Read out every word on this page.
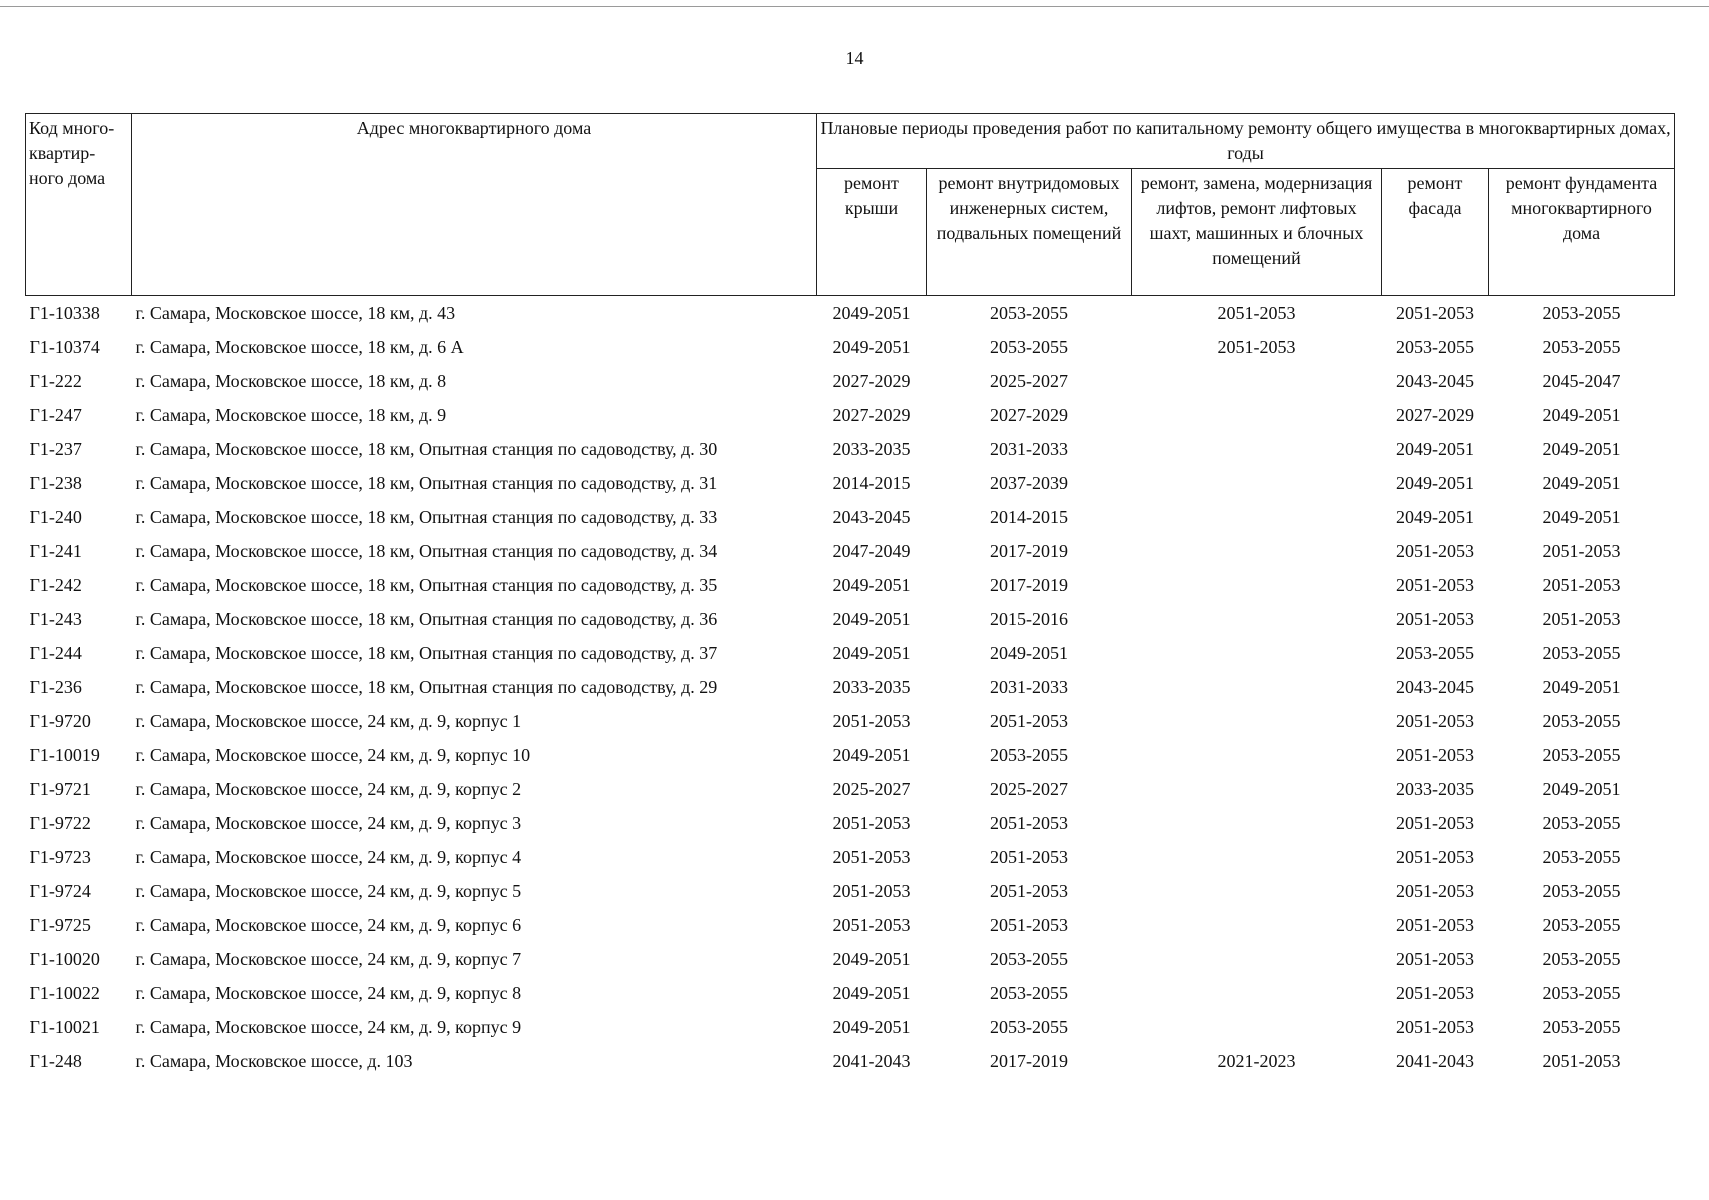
14
Код много-квартир-ного дома	Адрес многоквартирного дома	Плановые периоды проведения работ по капитальному ремонту общего имущества в многоквартирных домах, годы				
		ремонт крыши	ремонт внутридомовых инженерных систем, подвальных помещений	ремонт, замена, модернизация лифтов, ремонт лифтовых шахт, машинных и блочных помещений	ремонт фасада	ремонт фундамента многоквартирного дома
Г1-10338	г. Самара, Московское шоссе, 18 км, д. 43	2049-2051	2053-2055	2051-2053	2051-2053	2053-2055
Г1-10374	г. Самара, Московское шоссе, 18 км, д. 6 А	2049-2051	2053-2055	2051-2053	2053-2055	2053-2055
Г1-222	г. Самара, Московское шоссе, 18 км, д. 8	2027-2029	2025-2027		2043-2045	2045-2047
Г1-247	г. Самара, Московское шоссе, 18 км, д. 9	2027-2029	2027-2029		2027-2029	2049-2051
Г1-237	г. Самара, Московское шоссе, 18 км, Опытная станция по садоводству, д. 30	2033-2035	2031-2033		2049-2051	2049-2051
Г1-238	г. Самара, Московское шоссе, 18 км, Опытная станция по садоводству, д. 31	2014-2015	2037-2039		2049-2051	2049-2051
Г1-240	г. Самара, Московское шоссе, 18 км, Опытная станция по садоводству, д. 33	2043-2045	2014-2015		2049-2051	2049-2051
Г1-241	г. Самара, Московское шоссе, 18 км, Опытная станция по садоводству, д. 34	2047-2049	2017-2019		2051-2053	2051-2053
Г1-242	г. Самара, Московское шоссе, 18 км, Опытная станция по садоводству, д. 35	2049-2051	2017-2019		2051-2053	2051-2053
Г1-243	г. Самара, Московское шоссе, 18 км, Опытная станция по садоводству, д. 36	2049-2051	2015-2016		2051-2053	2051-2053
Г1-244	г. Самара, Московское шоссе, 18 км, Опытная станция по садоводству, д. 37	2049-2051	2049-2051		2053-2055	2053-2055
Г1-236	г. Самара, Московское шоссе, 18 км, Опытная станция по садоводству, д. 29	2033-2035	2031-2033		2043-2045	2049-2051
Г1-9720	г. Самара, Московское шоссе, 24 км, д. 9, корпус 1	2051-2053	2051-2053		2051-2053	2053-2055
Г1-10019	г. Самара, Московское шоссе, 24 км, д. 9, корпус 10	2049-2051	2053-2055		2051-2053	2053-2055
Г1-9721	г. Самара, Московское шоссе, 24 км, д. 9, корпус 2	2025-2027	2025-2027		2033-2035	2049-2051
Г1-9722	г. Самара, Московское шоссе, 24 км, д. 9, корпус 3	2051-2053	2051-2053		2051-2053	2053-2055
Г1-9723	г. Самара, Московское шоссе, 24 км, д. 9, корпус 4	2051-2053	2051-2053		2051-2053	2053-2055
Г1-9724	г. Самара, Московское шоссе, 24 км, д. 9, корпус 5	2051-2053	2051-2053		2051-2053	2053-2055
Г1-9725	г. Самара, Московское шоссе, 24 км, д. 9, корпус 6	2051-2053	2051-2053		2051-2053	2053-2055
Г1-10020	г. Самара, Московское шоссе, 24 км, д. 9, корпус 7	2049-2051	2053-2055		2051-2053	2053-2055
Г1-10022	г. Самара, Московское шоссе, 24 км, д. 9, корпус 8	2049-2051	2053-2055		2051-2053	2053-2055
Г1-10021	г. Самара, Московское шоссе, 24 км, д. 9, корпус 9	2049-2051	2053-2055		2051-2053	2053-2055
Г1-248	г. Самара, Московское шоссе, д. 103	2041-2043	2017-2019	2021-2023	2041-2043	2051-2053
